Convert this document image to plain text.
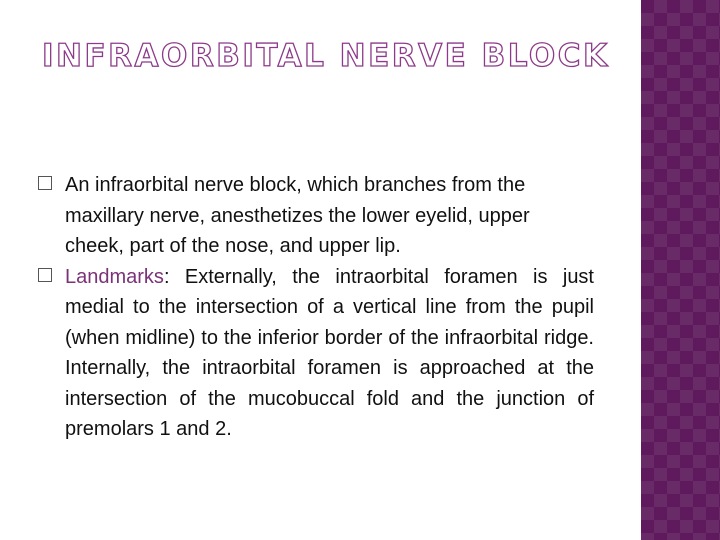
INFRAORBITAL NERVE BLOCK

An infraorbital nerve block, which branches from the maxillary nerve, anesthetizes the lower eyelid, upper cheek, part of the nose, and upper lip.

Landmarks: Externally, the intraorbital foramen is just medial to the intersection of a vertical line from the pupil (when midline) to the inferior border of the infraorbital ridge. Internally, the intraorbital foramen is approached at the intersection of the mucobuccal fold and the junction of premolars 1 and 2.
